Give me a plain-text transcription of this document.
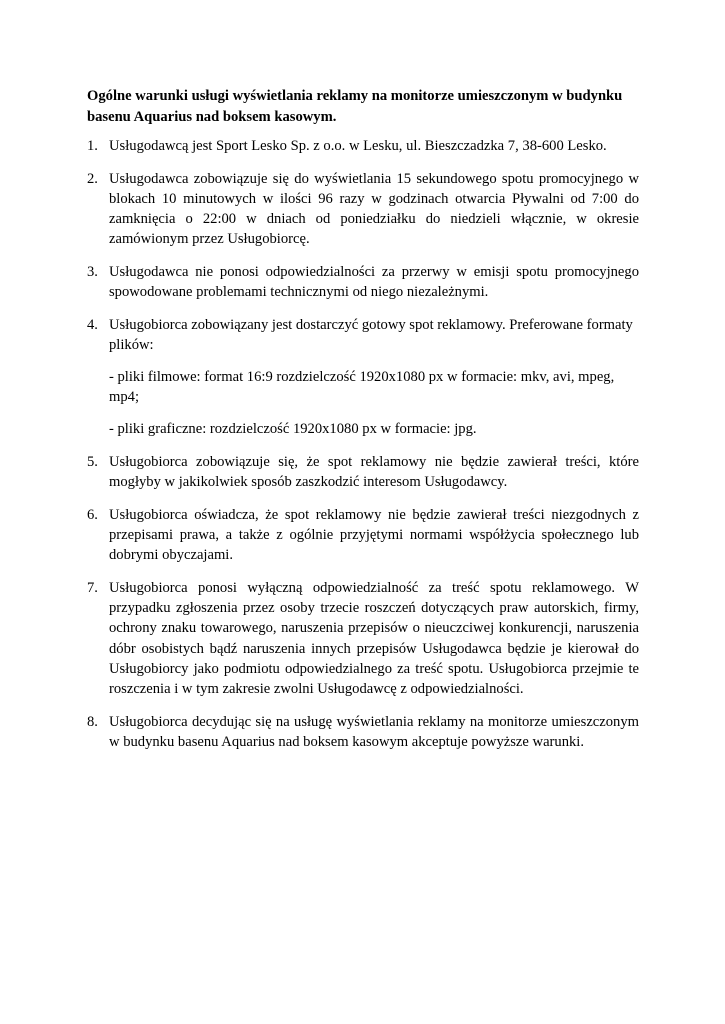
Ogólne warunki usługi wyświetlania reklamy na monitorze umieszczonym w budynku basenu Aquarius nad boksem kasowym.

1. Usługodawcą jest Sport Lesko Sp. z o.o. w Lesku, ul. Bieszczadzka 7, 38-600 Lesko.
2. Usługodawca zobowiązuje się do wyświetlania 15 sekundowego spotu promocyjnego w blokach 10 minutowych w ilości 96 razy w godzinach otwarcia Pływalni od 7:00 do zamknięcia o 22:00 w dniach od poniedziałku do niedzieli włącznie, w okresie zamówionym przez Usługobiorcę.
3. Usługodawca nie ponosi odpowiedzialności za przerwy w emisji spotu promocyjnego spowodowane problemami technicznymi od niego niezależnymi.
4. Usługobiorca zobowiązany jest dostarczyć gotowy spot reklamowy. Preferowane formaty plików:
- pliki filmowe: format 16:9 rozdzielczość 1920x1080 px w formacie: mkv, avi, mpeg, mp4;
- pliki graficzne: rozdzielczość 1920x1080 px w formacie: jpg.
5. Usługobiorca zobowiązuje się, że spot reklamowy nie będzie zawierał treści, które mogłyby w jakikolwiek sposób zaszkodzić interesom Usługodawcy.
6. Usługobiorca oświadcza, że spot reklamowy nie będzie zawierał treści niezgodnych z przepisami prawa, a także z ogólnie przyjętymi normami współżycia społecznego lub dobrymi obyczajami.
7. Usługobiorca ponosi wyłączną odpowiedzialność za treść spotu reklamowego. W przypadku zgłoszenia przez osoby trzecie roszczeń dotyczących praw autorskich, firmy, ochrony znaku towarowego, naruszenia przepisów o nieuczciwej konkurencji, naruszenia dóbr osobistych bądź naruszenia innych przepisów Usługodawca będzie je kierował do Usługobiorcy jako podmiotu odpowiedzialnego za treść spotu. Usługobiorca przejmie te roszczenia i w tym zakresie zwolni Usługodawcę z odpowiedzialności.
8. Usługobiorca decydując się na usługę wyświetlania reklamy na monitorze umieszczonym w budynku basenu Aquarius nad boksem kasowym akceptuje powyższe warunki.
